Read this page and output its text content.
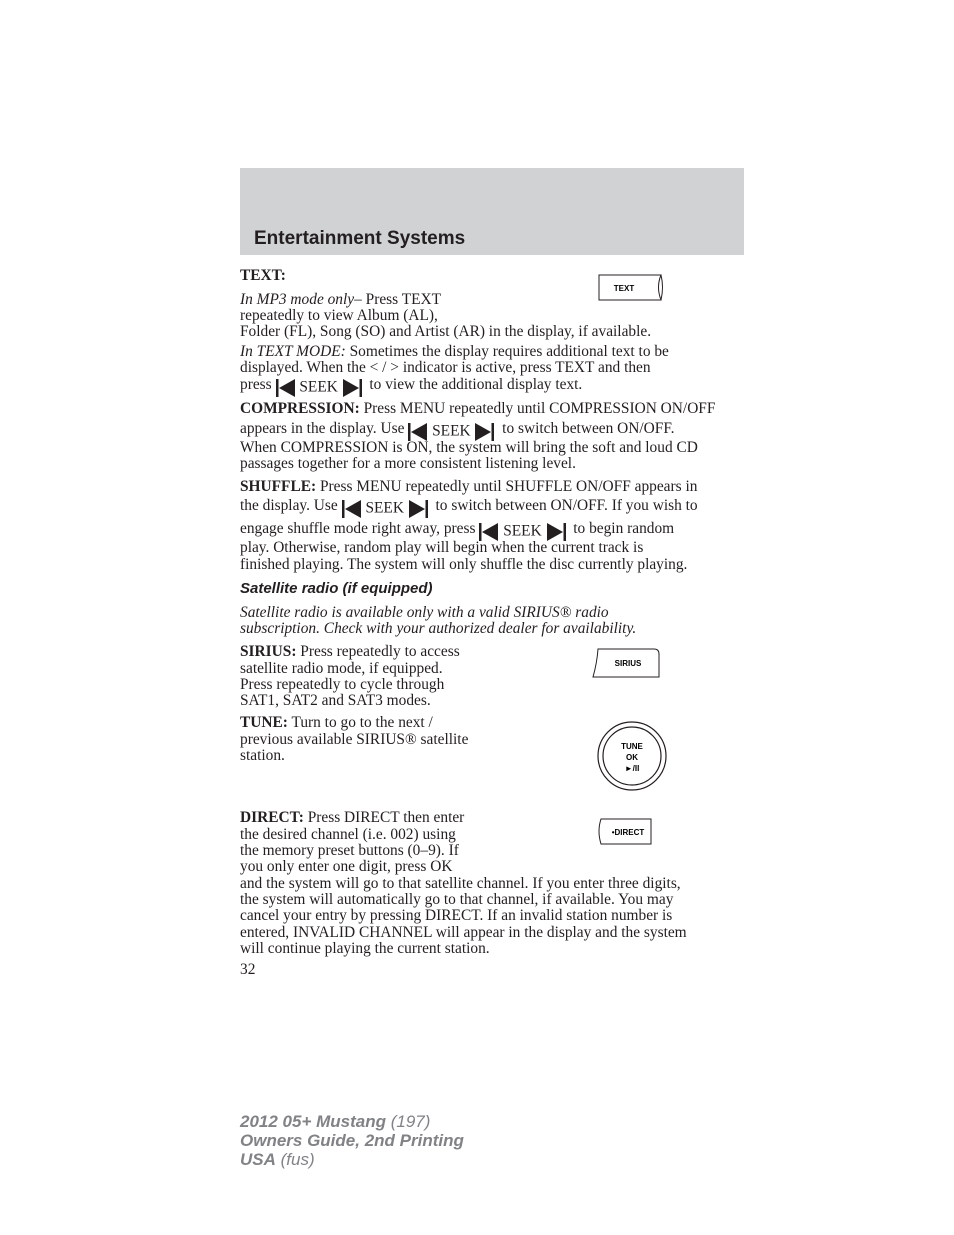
Entertainment Systems

TEXT:

TEXT

In MP3 mode only– Press TEXT

repeatedly to view Album (AL),

Folder (FL), Song (SO) and Artist (AR) in the display, if available.

In TEXT MODE: Sometimes the display requires additional text to be

displayed. When the < / > indicator is active, press TEXT and then

press SEEK to view the additional display text.

COMPRESSION: Press MENU repeatedly until COMPRESSION ON/OFF

appears in the display. Use SEEK to switch between ON/OFF.

When COMPRESSION is ON, the system will bring the soft and loud CD

passages together for a more consistent listening level.

SHUFFLE: Press MENU repeatedly until SHUFFLE ON/OFF appears in

the display. Use SEEK to switch between ON/OFF. If you wish to

engage shuffle mode right away, press SEEK to begin random

play. Otherwise, random play will begin when the current track is

finished playing. The system will only shuffle the disc currently playing.

Satellite radio (if equipped)

Satellite radio is available only with a valid SIRIUS® radio

subscription. Check with your authorized dealer for availability.

SIRIUS: Press repeatedly to access

satellite radio mode, if equipped.

Press repeatedly to cycle through

SAT1, SAT2 and SAT3 modes.

SIRIUS

TUNE: Turn to go to the next /

previous available SIRIUS® satellite

station.

TUNE
OK
►/II

DIRECT: Press DIRECT then enter

the desired channel (i.e. 002) using

the memory preset buttons (0–9). If

you only enter one digit, press OK

and the system will go to that satellite channel. If you enter three digits,

the system will automatically go to that channel, if available. You may

cancel your entry by pressing DIRECT. If an invalid station number is

entered, INVALID CHANNEL will appear in the display and the system

will continue playing the current station.

•DIRECT

32

2012 05+ Mustang (197)
Owners Guide, 2nd Printing
USA (fus)
